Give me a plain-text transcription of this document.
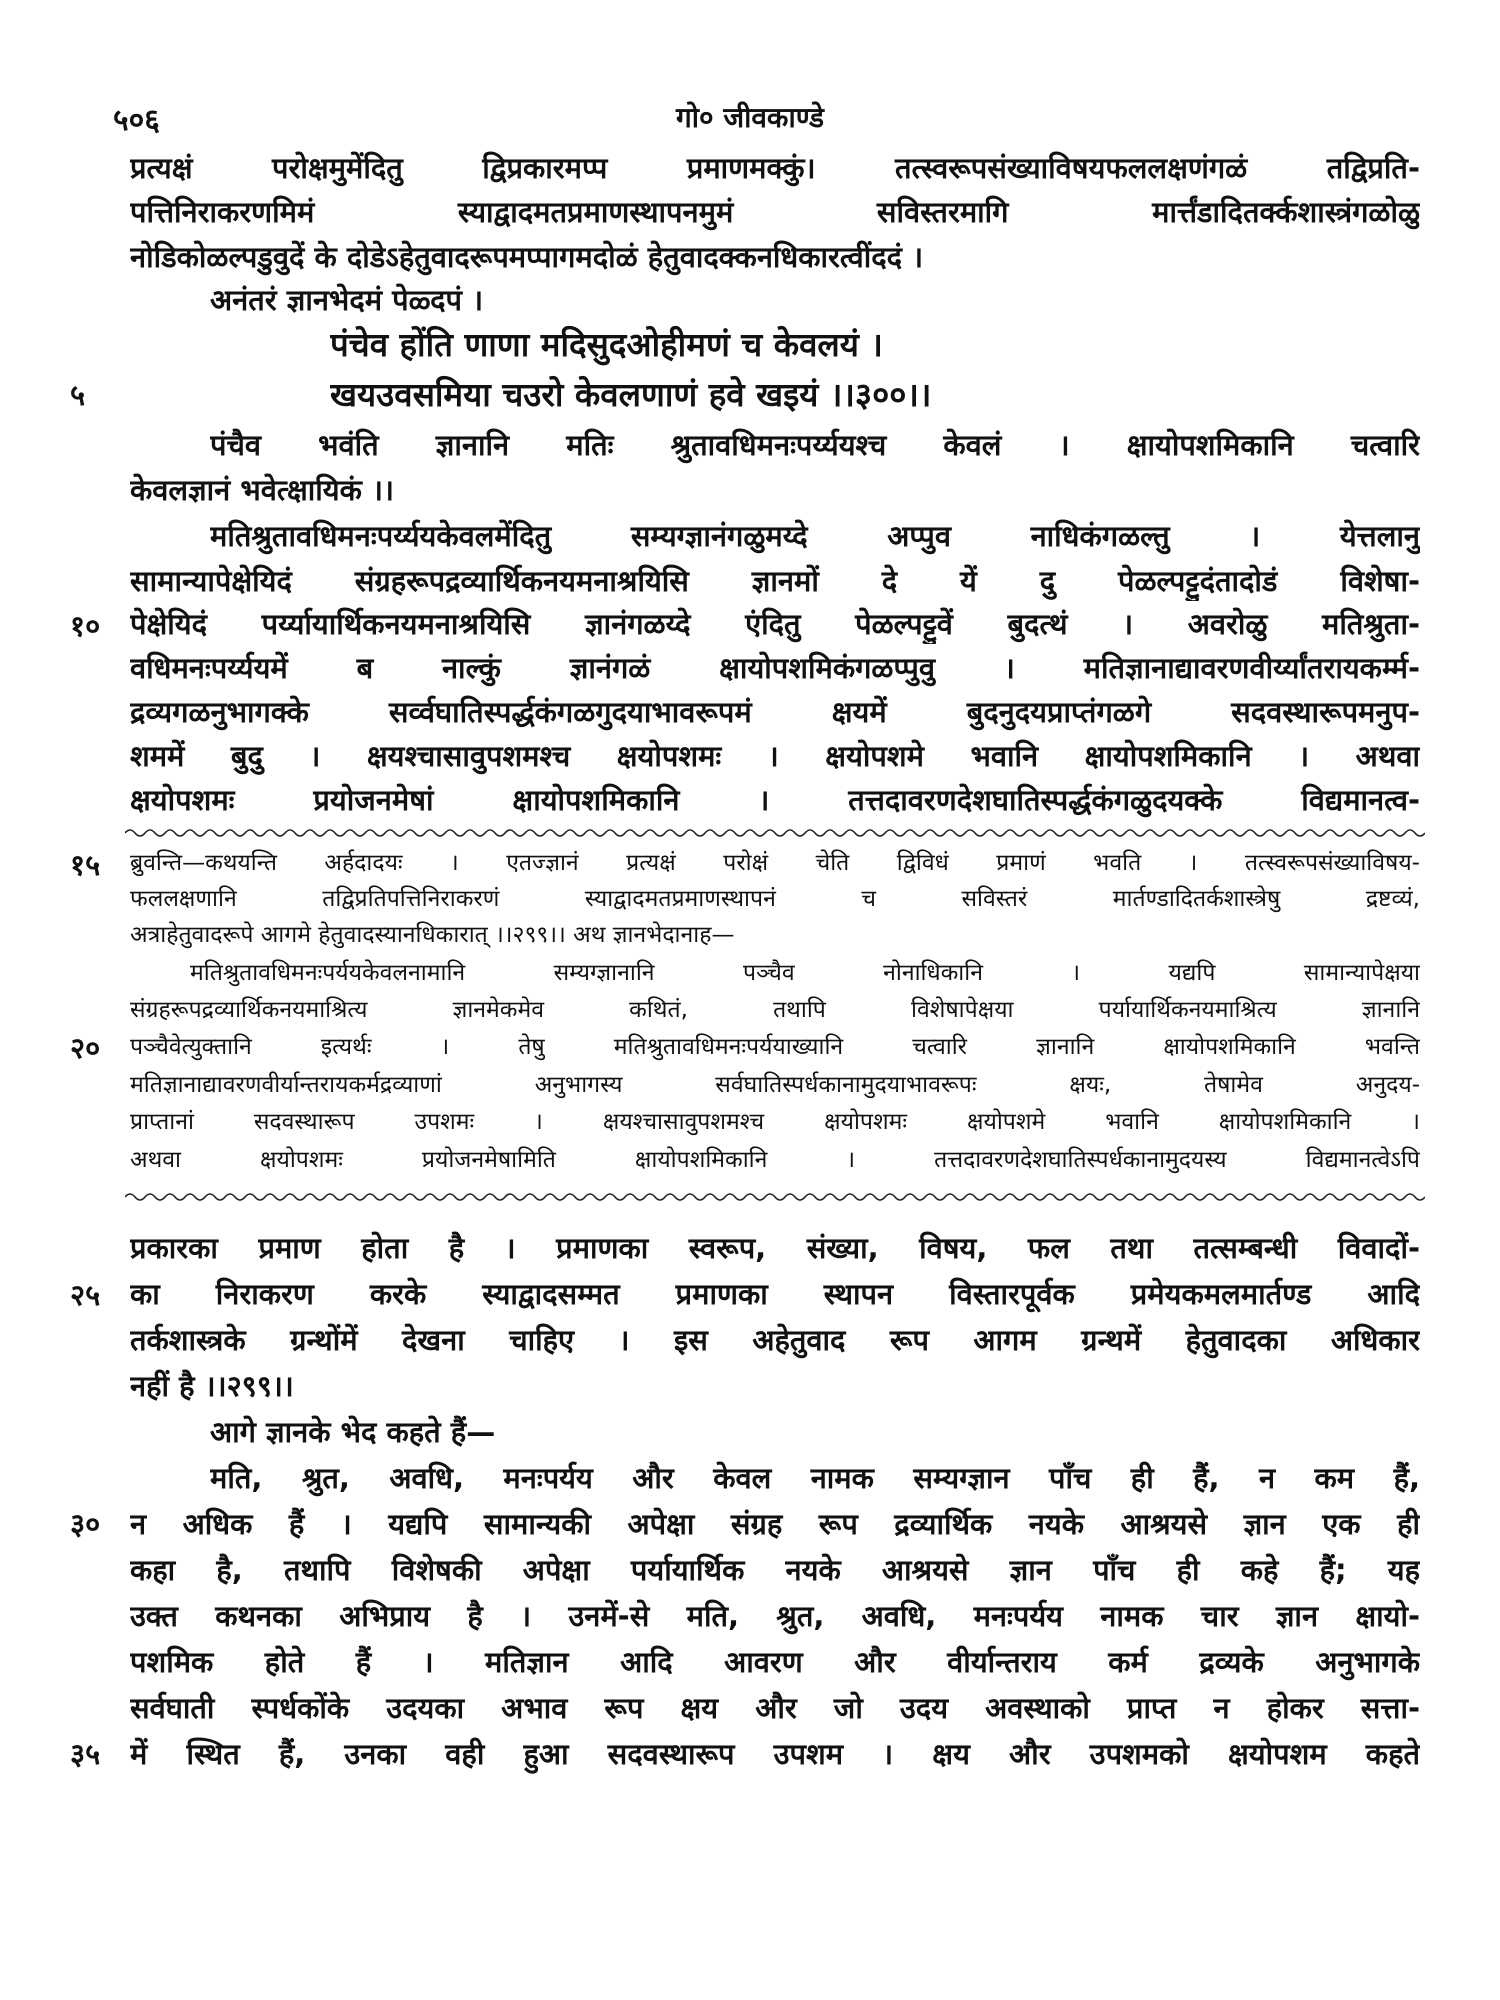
५०६	गो० जीवकाण्डे
प्रत्यक्षं परोक्षमुमेंदितु द्विप्रकारमप्प प्रमाणमक्कुं। तत्स्वरूपसंख्याविषयफललक्षणंगळं तद्विप्रति-
पत्तिनिराकरणमिमं स्याद्वादमतप्रमाणस्थापनमुमं सविस्तरमागि मार्त्तंडादितर्क्कशास्त्रंगळोळु
नोडिकोळल्पडुवुदें के दोडेऽहेतुवादरूपमप्पागमदोळं हेतुवादक्कनधिकारत्वींददं ।
अनंतरं ज्ञानभेदमं पेळ्दपं ।
पंचेव होंति णाणा मदिसुदओहीमणं च केवलयं ।
५	खयउवसमिया चउरो केवलणाणं हवे खइयं ।।३००।।
पंचैव भवंति ज्ञानानि मतिः श्रुतावधिमनःपर्य्ययश्च केवलं । क्षायोपशमिकानि चत्वारि
केवलज्ञानं भवेत्क्षायिकं ।।
मतिश्रुतावधिमनःपर्य्ययकेवलमेंदितु सम्यग्ज्ञानंगळुमय्दे अप्पुव नाधिकंगळल्तु । येत्तलानु
सामान्यापेक्षेयिदं संग्रहरूपद्रव्यार्थिकनयमनाश्रयिसि ज्ञानमों दे यें दु पेळल्पट्टुदंतादोडं विशेषा-
१० पेक्षेयिदं पर्य्यायार्थिकनयमनाश्रयिसि ज्ञानंगळय्दे एंदितु पेळल्पट्टुवें बुदत्थं । अवरोळु मतिश्रुता-
वधिमनःपर्य्ययमें ब नाल्कुं ज्ञानंगळं क्षायोपशमिकंगळप्पुवु । मतिज्ञानाद्यावरणवीर्य्यांतरायकर्म्म-
द्रव्यगळनुभागक्के सर्व्वघातिस्पर्द्धकंगळगुदयाभावरूपमं क्षयमें बुदनुदयप्राप्तंगळगे सदवस्थारूपमनुप-
शममें बुदु । क्षयश्चासावुपशमश्च क्षयोपशमः । क्षयोपशमे भवानि क्षायोपशमिकानि । अथवा
क्षयोपशमः प्रयोजनमेषां क्षायोपशमिकानि । तत्तदावरणदेशघातिस्पर्द्धकंगळुदयक्के विद्यमानत्व-
१५ ब्रुवन्ति—कथयन्ति अर्हदादयः । एतज्ज्ञानं प्रत्यक्षं परोक्षं चेति द्विविधं प्रमाणं भवति । तत्स्वरूपसंख्याविषय-
फललक्षणानि तद्विप्रतिपत्तिनिराकरणं स्याद्वादमतप्रमाणस्थापनं च सविस्तरं मार्तण्डादितर्कशास्त्रेषु द्रष्टव्यं,
अत्राहेतुवादरूपे आगमे हेतुवादस्यानधिकारात् ।।२९९।। अथ ज्ञानभेदानाह—
मतिश्रुतावधिमनःपर्ययकेवलनामानि सम्यग्ज्ञानानि पञ्चैव नोनाधिकानि । यद्यपि सामान्यापेक्षया
संग्रहरूपद्रव्यार्थिकनयमाश्रित्य ज्ञानमेकमेव कथितं, तथापि विशेषापेक्षया पर्यायार्थिकनयमाश्रित्य ज्ञानानि
२० पञ्चैवेत्युक्तानि इत्यर्थः । तेषु मतिश्रुतावधिमनःपर्ययाख्यानि चत्वारि ज्ञानानि क्षायोपशमिकानि भवन्ति
मतिज्ञानाद्यावरणवीर्यान्तरायकर्मद्रव्याणां अनुभागस्य सर्वघातिस्पर्धकानामुदयाभावरूपः क्षयः, तेषामेव अनुदय-
प्राप्तानां सदवस्थारूप उपशमः । क्षयश्चासावुपशमश्च क्षयोपशमः क्षयोपशमे भवानि क्षायोपशमिकानि ।
अथवा क्षयोपशमः प्रयोजनमेषामिति क्षायोपशमिकानि । तत्तदावरणदेशघातिस्पर्धकानामुदयस्य विद्यमानत्वेऽपि
प्रकारका प्रमाण होता है । प्रमाणका स्वरूप, संख्या, विषय, फल तथा तत्सम्बन्धी विवादों-
२५ का निराकरण करके स्याद्वादसम्मत प्रमाणका स्थापन विस्तारपूर्वक प्रमेयकमलमार्तण्ड आदि
तर्कशास्त्रके ग्रन्थोंमें देखना चाहिए । इस अहेतुवाद रूप आगम ग्रन्थमें हेतुवादका अधिकार
नहीं है ।।२९९।।
आगे ज्ञानके भेद कहते हैं—
मति, श्रुत, अवधि, मनःपर्यय और केवल नामक सम्यग्ज्ञान पाँच ही हैं, न कम हैं,
३० न अधिक हैं । यद्यपि सामान्यकी अपेक्षा संग्रह रूप द्रव्यार्थिक नयके आश्रयसे ज्ञान एक ही
कहा है, तथापि विशेषकी अपेक्षा पर्यायार्थिक नयके आश्रयसे ज्ञान पाँच ही कहे हैं; यह
उक्त कथनका अभिप्राय है । उनमें-से मति, श्रुत, अवधि, मनःपर्यय नामक चार ज्ञान क्षायो-
पशमिक होते हैं । मतिज्ञान आदि आवरण और वीर्यान्तराय कर्म द्रव्यके अनुभागके
सर्वघाती स्पर्धकोंके उदयका अभाव रूप क्षय और जो उदय अवस्थाको प्राप्त न होकर सत्ता-
३५ में स्थित हैं, उनका वही हुआ सदवस्थारूप उपशम । क्षय और उपशमको क्षयोपशम कहते
